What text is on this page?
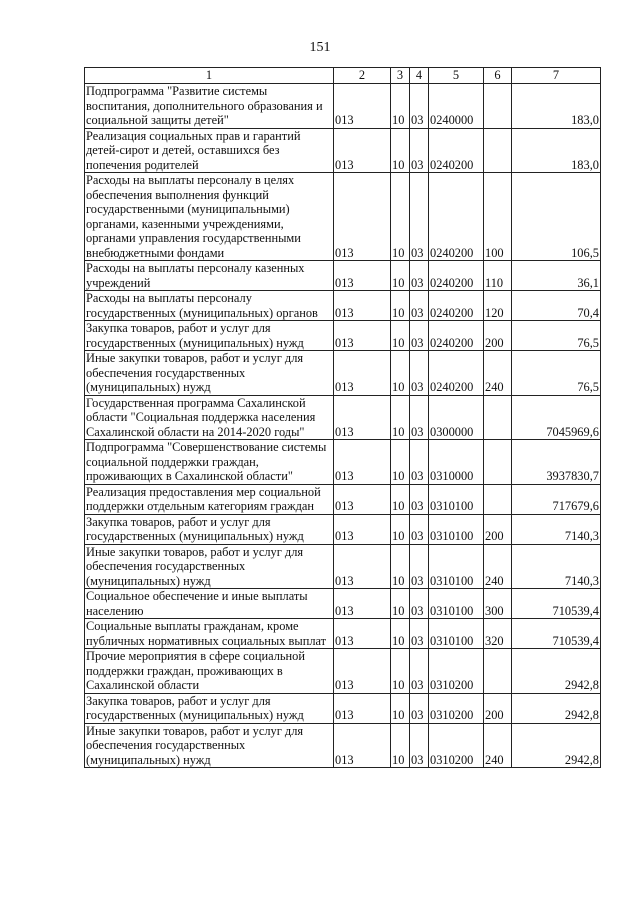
151
1	2	3	4	5	6	7
Подпрограмма "Развитие системы воспитания, дополнительного образования и социальной защиты детей"	013	10	03	0240000		183,0
Реализация социальных прав и гарантий детей-сирот и детей, оставшихся без попечения родителей	013	10	03	0240200		183,0
Расходы на выплаты персоналу в целях обеспечения выполнения функций государственными (муниципальными) органами, казенными учреждениями, органами управления государственными внебюджетными фондами	013	10	03	0240200	100	106,5
Расходы на выплаты персоналу казенных учреждений	013	10	03	0240200	110	36,1
Расходы на выплаты персоналу государственных (муниципальных) органов	013	10	03	0240200	120	70,4
Закупка товаров, работ и услуг для государственных (муниципальных) нужд	013	10	03	0240200	200	76,5
Иные закупки товаров, работ и услуг для обеспечения государственных (муниципальных) нужд	013	10	03	0240200	240	76,5
Государственная программа Сахалинской области "Социальная поддержка населения Сахалинской области на 2014-2020 годы"	013	10	03	0300000		7045969,6
Подпрограмма "Совершенствование системы социальной поддержки граждан, проживающих в Сахалинской области"	013	10	03	0310000		3937830,7
Реализация предоставления мер социальной поддержки отдельным категориям граждан	013	10	03	0310100		717679,6
Закупка товаров, работ и услуг для государственных (муниципальных) нужд	013	10	03	0310100	200	7140,3
Иные закупки товаров, работ и услуг для обеспечения государственных (муниципальных) нужд	013	10	03	0310100	240	7140,3
Социальное обеспечение и иные выплаты населению	013	10	03	0310100	300	710539,4
Социальные выплаты гражданам, кроме публичных нормативных социальных выплат	013	10	03	0310100	320	710539,4
Прочие мероприятия в сфере социальной поддержки граждан, проживающих в Сахалинской области	013	10	03	0310200		2942,8
Закупка товаров, работ и услуг для государственных (муниципальных) нужд	013	10	03	0310200	200	2942,8
Иные закупки товаров, работ и услуг для обеспечения государственных (муниципальных) нужд	013	10	03	0310200	240	2942,8
